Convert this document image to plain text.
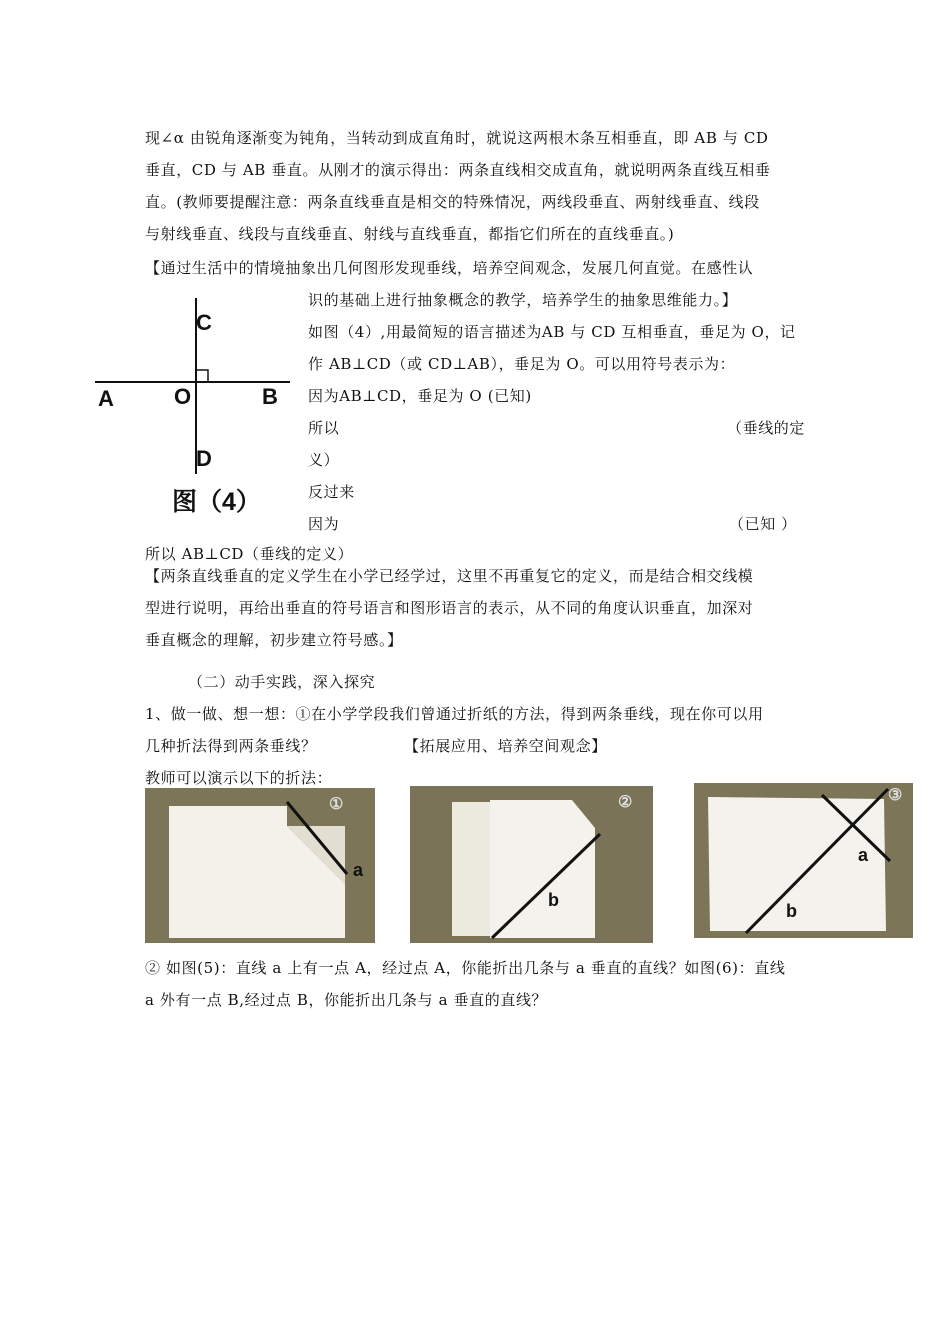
现∠α 由锐角逐渐变为钝角，当转动到成直角时，就说这两根木条互相垂直，即 AB 与 CD
垂直，CD 与 AB 垂直。从刚才的演示得出：两条直线相交成直角，就说明两条直线互相垂
直。(教师要提醒注意：两条直线垂直是相交的特殊情况，两线段垂直、两射线垂直、线段
与射线垂直、线段与直线垂直、射线与直线垂直，都指它们所在的直线垂直。)
【通过生活中的情境抽象出几何图形发现垂线，培养空间观念，发展几何直觉。在感性认
识的基础上进行抽象概念的教学，培养学生的抽象思维能力。】
C
A	O	B
D
图（4）
如图（4）,用最简短的语言描述为AB 与 CD 互相垂直，垂足为 O，记
作 AB⊥CD（或 CD⊥AB），垂足为 O。可以用符号表示为：
因为AB⊥CD，垂足为 O (已知)
所以	（垂线的定
义）
反过来
因为	（已知 ）
所以 AB⊥CD（垂线的定义）
【两条直线垂直的定义学生在小学已经学过，这里不再重复它的定义，而是结合相交线模
型进行说明，再给出垂直的符号语言和图形语言的表示，从不同的角度认识垂直，加深对
垂直概念的理解，初步建立符号感。】
（二）动手实践，深入探究
1、做一做、想一想：①在小学学段我们曾通过折纸的方法，得到两条垂线，现在你可以用
几种折法得到两条垂线？	【拓展应用、培养空间观念】
教师可以演示以下的折法：
①
a
②
b
③
a
b
② 如图(5)：直线 a 上有一点 A，经过点 A，你能折出几条与 a 垂直的直线？如图(6)：直线
a 外有一点 B,经过点 B，你能折出几条与 a 垂直的直线？
